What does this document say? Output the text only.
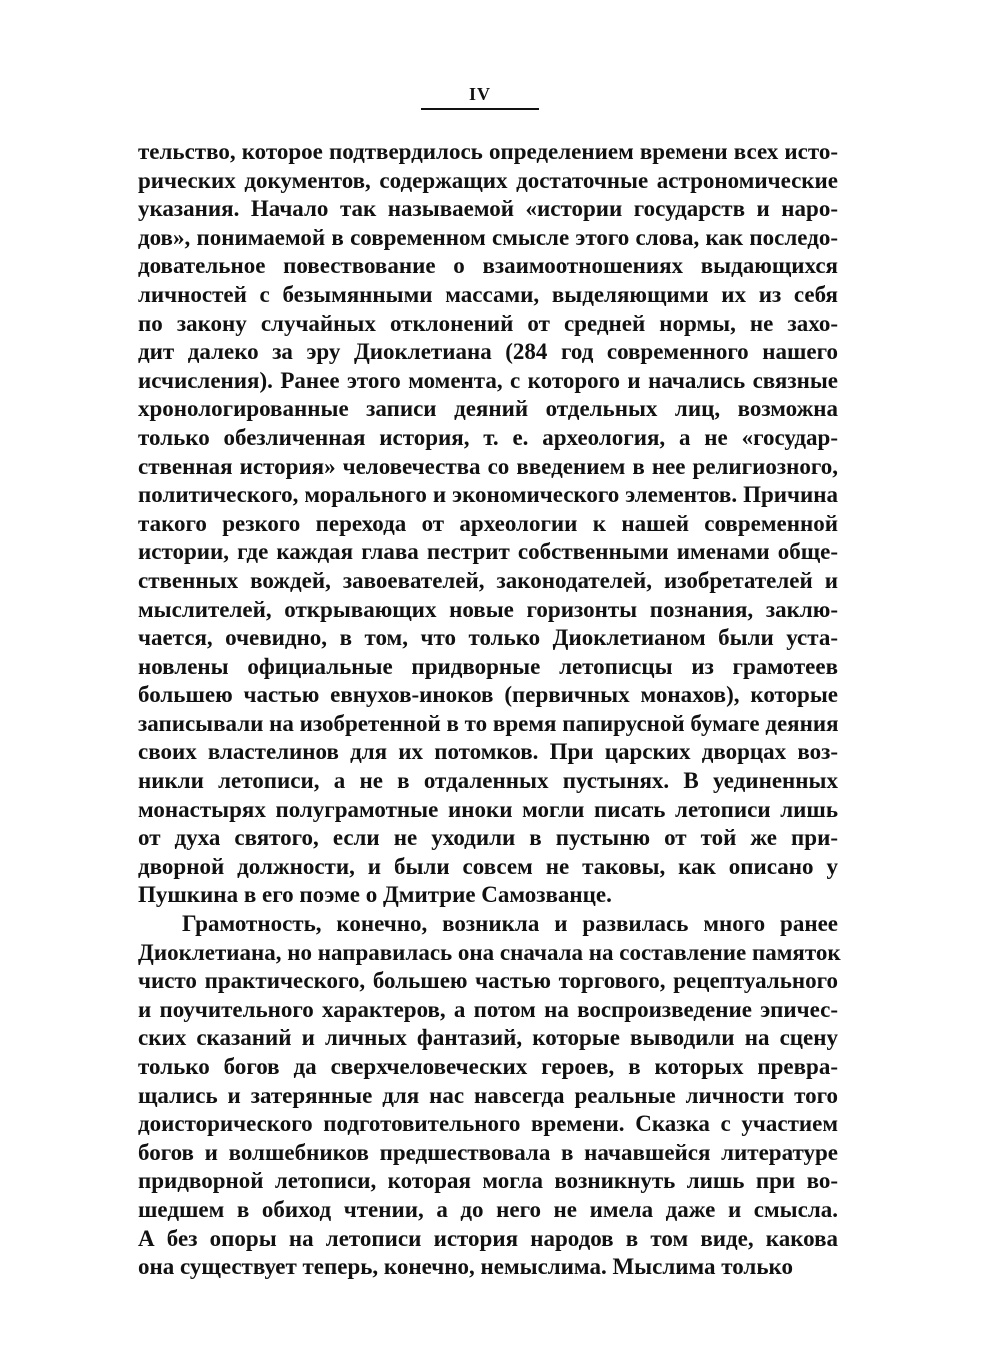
IV
тельство, которое подтвердилось определением времени всех исто-
рических документов, содержащих достаточные астрономические
указания. Начало так называемой «истории государств и наро-
дов», понимаемой в современном смысле этого слова, как последо-
довательное повествование о взаимоотношениях выдающихся
личностей с безымянными массами, выделяющими их из себя
по закону случайных отклонений от средней нормы, не захо-
дит далеко за эру Диоклетиана (284 год современного нашего
исчисления). Ранее этого момента, с которого и начались связные
хронологированные записи деяний отдельных лиц, возможна
только обезличенная история, т. е. археология, а не «государ-
ственная история» человечества со введением в нее религиозного,
политического, морального и экономического элементов. Причина
такого резкого перехода от археологии к нашей современной
истории, где каждая глава пестрит собственными именами обще-
ственных вождей, завоевателей, законодателей, изобретателей и
мыслителей, открывающих новые горизонты познания, заклю-
чается, очевидно, в том, что только Диоклетианом были уста-
новлены официальные придворные летописцы из грамотеев
большею частью евнухов-иноков (первичных монахов), которые
записывали на изобретенной в то время папирусной бумаге деяния
своих властелинов для их потомков. При царских дворцах воз-
никли летописи, а не в отдаленных пустынях. В уединенных
монастырях полуграмотные иноки могли писать летописи лишь
от духа святого, если не уходили в пустыню от той же при-
дворной должности, и были совсем не таковы, как описано у
Пушкина в его поэме о Дмитрие Самозванце.
Грамотность, конечно, возникла и развилась много ранее
Диоклетиана, но направилась она сначала на составление памяток
чисто практического, большею частью торгового, рецептуального
и поучительного характеров, а потом на воспроизведение эпичес-
ских сказаний и личных фантазий, которые выводили на сцену
только богов да сверхчеловеческих героев, в которых превра-
щались и затерянные для нас навсегда реальные личности того
доисторического подготовительного времени. Сказка с участием
богов и волшебников предшествовала в начавшейся литературе
придворной летописи, которая могла возникнуть лишь при во-
шедшем в обиход чтении, а до него не имела даже и смысла.
А без опоры на летописи история народов в том виде, какова
она существует теперь, конечно, немыслима. Мыслима только
